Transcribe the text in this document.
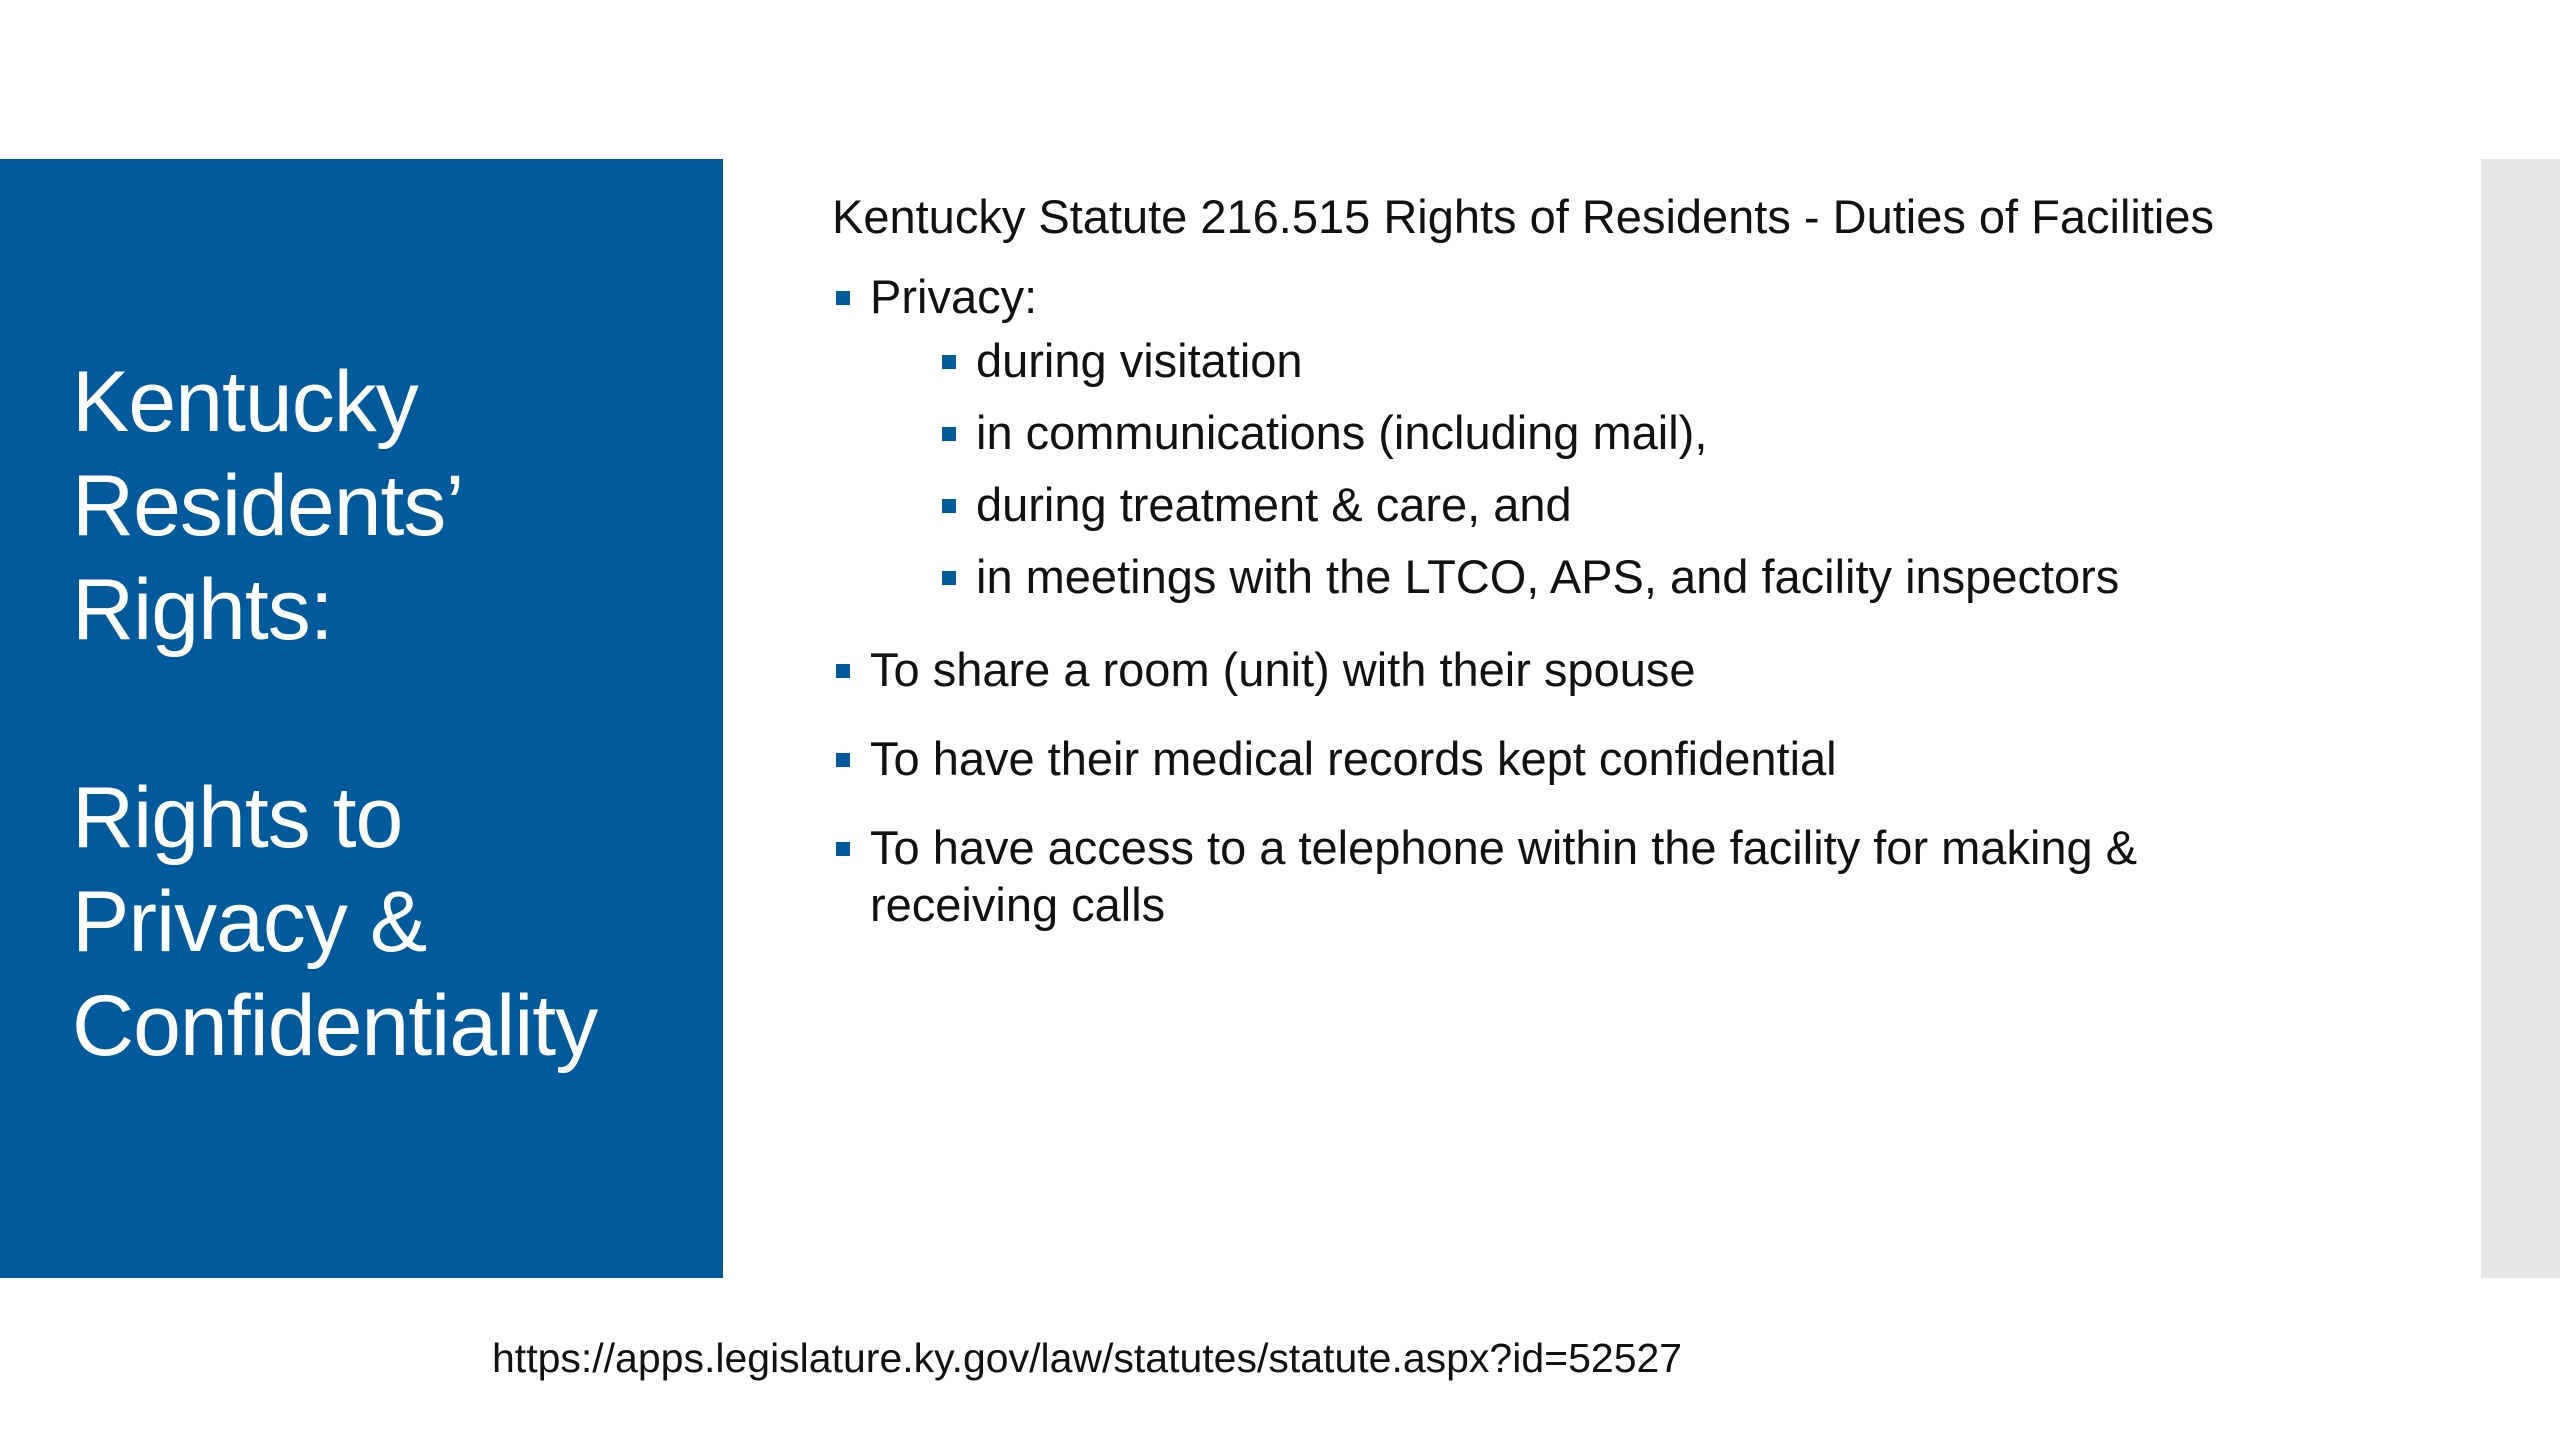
Kentucky
Residents’
Rights:
Rights to
Privacy &
Confidentiality

Kentucky Statute 216.515 Rights of Residents - Duties of Facilities

Privacy:
during visitation
in communications (including mail),
during treatment & care, and
in meetings with the LTCO, APS, and facility inspectors
To share a room (unit) with their spouse
To have their medical records kept confidential
To have access to a telephone within the facility for making & receiving calls
https://apps.legislature.ky.gov/law/statutes/statute.aspx?id=52527
